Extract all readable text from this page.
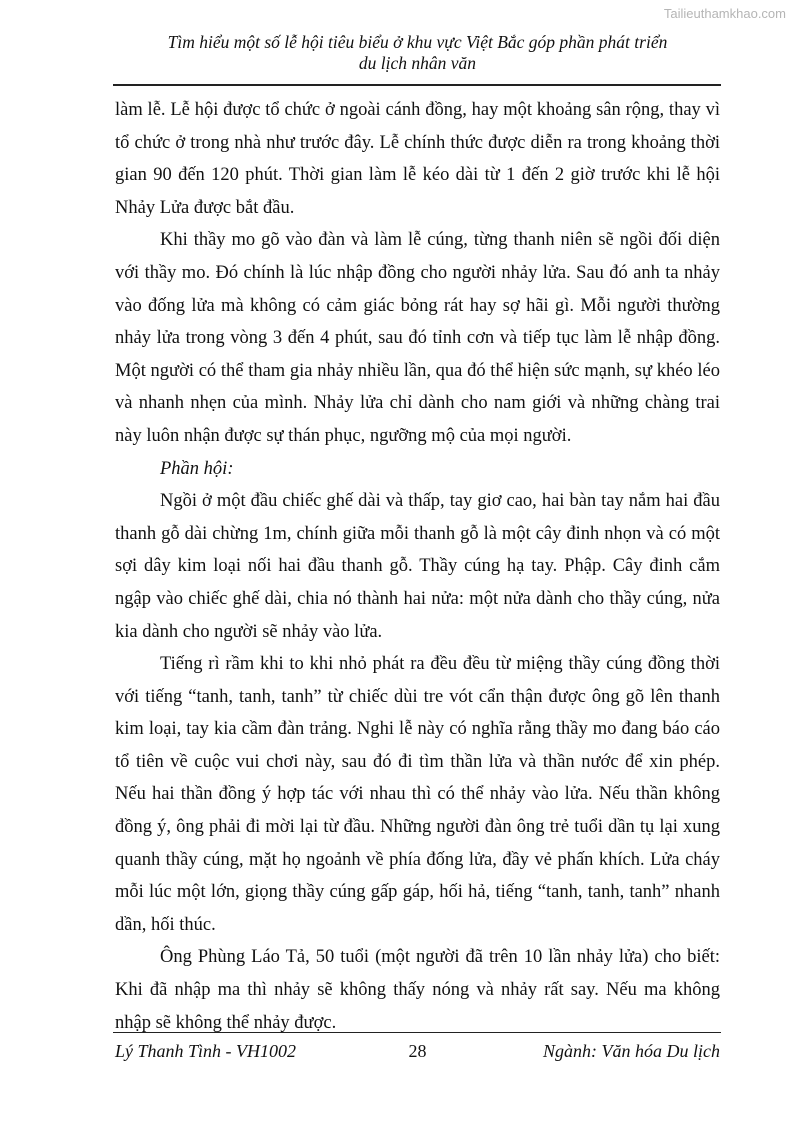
Tailieuthamkhao.com
Tìm hiểu một số lễ hội tiêu biểu ở khu vực Việt Bắc góp phần phát triển
du lịch nhân văn

làm lễ. Lễ hội được tổ chức ở ngoài cánh đồng, hay một khoảng sân rộng, thay vì tổ chức ở trong nhà như trước đây. Lễ chính thức được diễn ra trong khoảng thời gian 90 đến 120 phút. Thời gian làm lễ kéo dài từ 1 đến 2 giờ trước khi lễ hội Nhảy Lửa được bắt đầu.

Khi thầy mo gõ vào đàn và làm lễ cúng, từng thanh niên sẽ ngồi đối diện với thầy mo. Đó chính là lúc nhập đồng cho người nhảy lửa. Sau đó anh ta nhảy vào đống lửa mà không có cảm giác bỏng rát hay sợ hãi gì. Mỗi người thường nhảy lửa trong vòng 3 đến 4 phút, sau đó tỉnh cơn và tiếp tục làm lễ nhập đồng. Một người có thể tham gia nhảy nhiều lần, qua đó thể hiện sức mạnh, sự khéo léo và nhanh nhẹn của mình. Nhảy lửa chỉ dành cho nam giới và những chàng trai này luôn nhận được sự thán phục, ngưỡng mộ của mọi người.

Phần hội:

Ngồi ở một đầu chiếc ghế dài và thấp, tay giơ cao, hai bàn tay nắm hai đầu thanh gỗ dài chừng 1m, chính giữa mỗi thanh gỗ là một cây đinh nhọn và có một sợi dây kim loại nối hai đầu thanh gỗ. Thầy cúng hạ tay. Phập. Cây đinh cắm ngập vào chiếc ghế dài, chia nó thành hai nửa: một nửa dành cho thầy cúng, nửa kia dành cho người sẽ nhảy vào lửa.

Tiếng rì rầm khi to khi nhỏ phát ra đều đều từ miệng thầy cúng đồng thời với tiếng “tanh, tanh, tanh” từ chiếc dùi tre vót cẩn thận được ông gõ lên thanh kim loại, tay kia cầm đàn trảng. Nghi lễ này có nghĩa rằng thầy mo đang báo cáo tổ tiên về cuộc vui chơi này, sau đó đi tìm thần lửa và thần nước để xin phép. Nếu hai thần đồng ý hợp tác với nhau thì có thể nhảy vào lửa. Nếu thần không đồng ý, ông phải đi mời lại từ đầu. Những người đàn ông trẻ tuổi dần tụ lại xung quanh thầy cúng, mặt họ ngoảnh về phía đống lửa, đầy vẻ phấn khích. Lửa cháy mỗi lúc một lớn, giọng thầy cúng gấp gáp, hối hả, tiếng “tanh, tanh, tanh” nhanh dần, hối thúc.

Ông Phùng Láo Tả, 50 tuổi (một người đã trên 10 lần nhảy lửa) cho biết: Khi đã nhập ma thì nhảy sẽ không thấy nóng và nhảy rất say. Nếu ma không nhập sẽ không thể nhảy được.

Lý Thanh Tình - VH1002	28	Ngành: Văn hóa Du lịch
